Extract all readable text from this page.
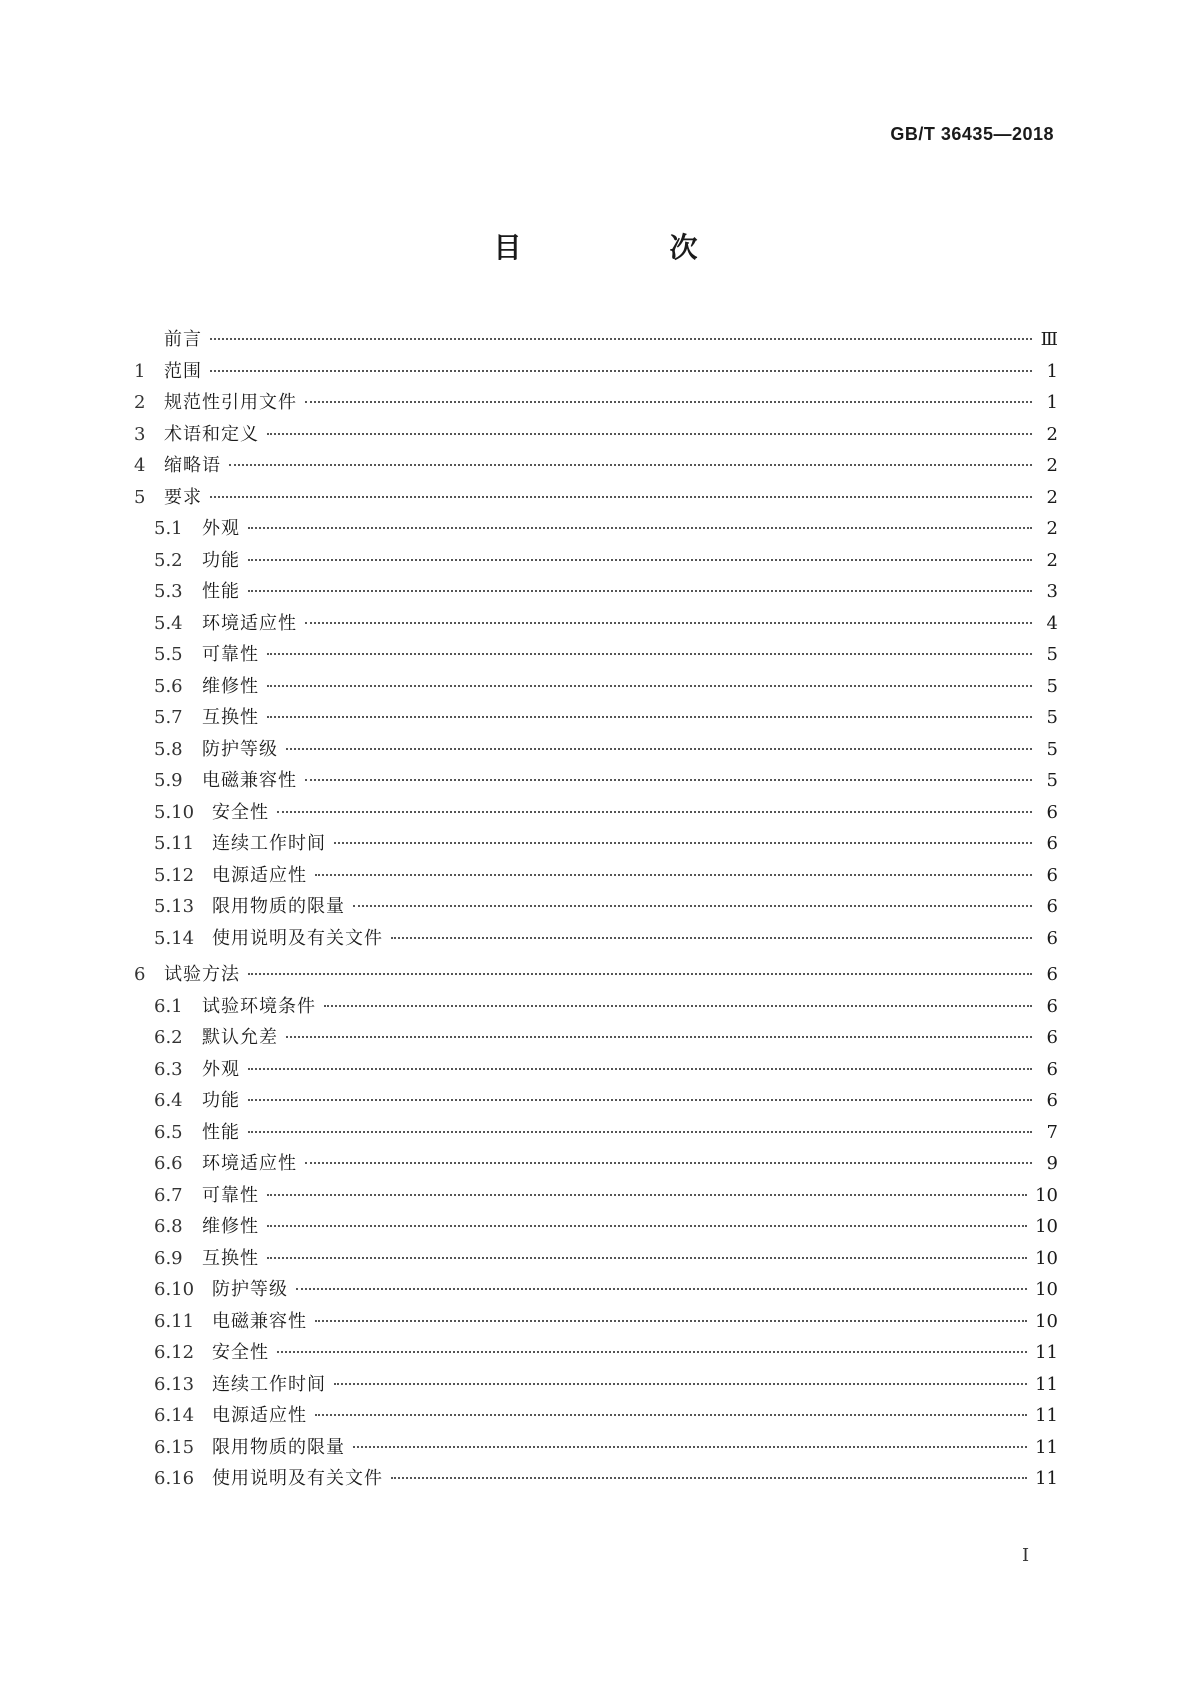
GB/T 36435—2018
目　次
前言	Ⅲ
1	范围	1
2	规范性引用文件	1
3	术语和定义	2
4	缩略语	2
5	要求	2
5.1	外观	2
5.2	功能	2
5.3	性能	3
5.4	环境适应性	4
5.5	可靠性	5
5.6	维修性	5
5.7	互换性	5
5.8	防护等级	5
5.9	电磁兼容性	5
5.10 安全性	6
5.11 连续工作时间	6
5.12 电源适应性	6
5.13 限用物质的限量	6
5.14 使用说明及有关文件	6
6	试验方法	6
6.1	试验环境条件	6
6.2	默认允差	6
6.3	外观	6
6.4	功能	6
6.5	性能	7
6.6	环境适应性	9
6.7	可靠性	10
6.8	维修性	10
6.9	互换性	10
6.10 防护等级	10
6.11 电磁兼容性	10
6.12 安全性	11
6.13 连续工作时间	11
6.14 电源适应性	11
6.15 限用物质的限量	11
6.16 使用说明及有关文件	11
I
